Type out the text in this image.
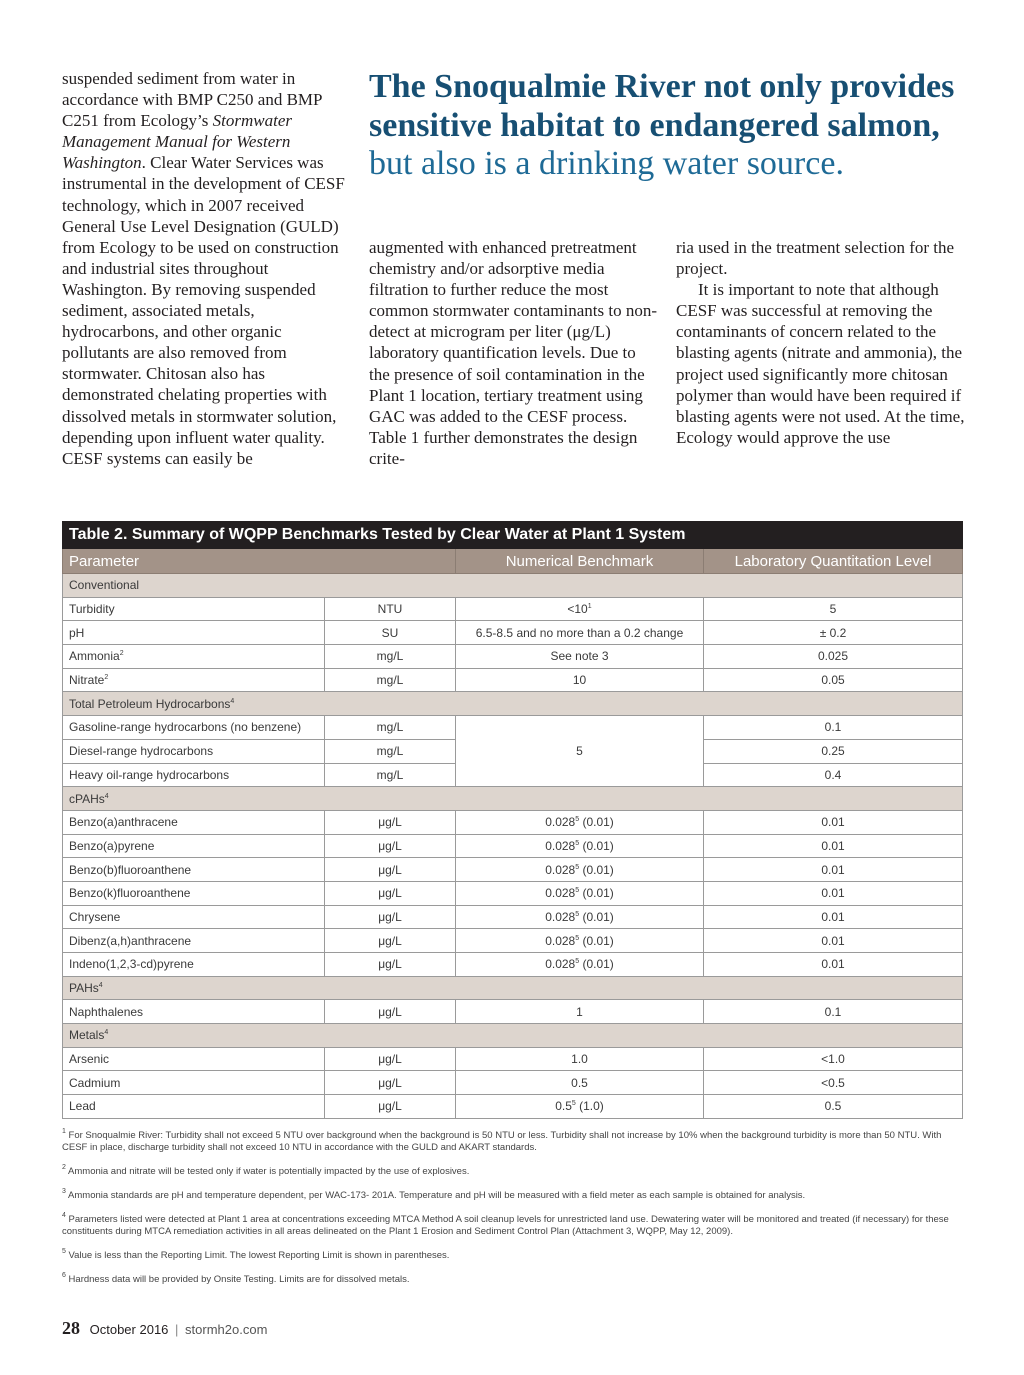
suspended sediment from water in accordance with BMP C250 and BMP C251 from Ecology’s Stormwater Management Manual for Western Washington. Clear Water Services was instrumental in the development of CESF technology, which in 2007 received General Use Level Designation (GULD) from Ecology to be used on construction and industrial sites throughout Washington. By removing suspended sediment, associated metals, hydrocarbons, and other organic pollutants are also removed from stormwater. Chitosan also has demonstrated chelating properties with dissolved metals in stormwater solution, depending upon influent water quality. CESF systems can easily be

The Snoqualmie River not only provides sensitive habitat to endangered salmon, but also is a drinking water source.

augmented with enhanced pretreatment chemistry and/or adsorptive media filtration to further reduce the most common stormwater contaminants to non-detect at microgram per liter (μg/L) laboratory quantification levels. Due to the presence of soil contamination in the Plant 1 location, tertiary treatment using GAC was added to the CESF process. Table 1 further demonstrates the design crite-

ria used in the treatment selection for the project.

It is important to note that although CESF was successful at removing the contaminants of concern related to the blasting agents (nitrate and ammonia), the project used significantly more chitosan polymer than would have been required if blasting agents were not used. At the time, Ecology would approve the use

Table 2. Summary of WQPP Benchmarks Tested by Clear Water at Plant 1 System			
Parameter		Numerical Benchmark	Laboratory Quantitation Level
Conventional			
Turbidity	NTU	$<10^1$	5
pH	SU	6.5-8.5 and no more than a 0.2 change	± 0.2
Ammonia$^2$	mg/L	See note 3	0.025
Nitrate$^2$	mg/L	10	0.05
Total Petroleum Hydrocarbons$^4$
Gasoline-range hydrocarbons (no benzene)	mg/L	5	0.1
Diesel-range hydrocarbons	mg/L		0.25
Heavy oil-range hydrocarbons	mg/L		0.4
cPAHs$^4$
Benzo(a)anthracene	μg/L	0.028$^5$ (0.01)	0.01
Benzo(a)pyrene	μg/L	0.028$^5$ (0.01)	0.01
Benzo(b)fluoroanthene	μg/L	0.028$^5$ (0.01)	0.01
Benzo(k)fluoroanthene	μg/L	0.028$^5$ (0.01)	0.01
Chrysene	μg/L	0.028$^5$ (0.01)	0.01
Dibenz(a,h)anthracene	μg/L	0.028$^5$ (0.01)	0.01
Indeno(1,2,3-cd)pyrene	μg/L	0.028$^5$ (0.01)	0.01
PAHs$^4$
Naphthalenes	μg/L	1	0.1
Metals$^4$
Arsenic	μg/L	1.0	<1.0
Cadmium	μg/L	0.5	<0.5
Lead	μg/L	$0.5^5$ (1.0)	0.5

$^1$ For Snoqualmie River: Turbidity shall not exceed 5 NTU over background when the background is 50 NTU or less. Turbidity shall not increase by 10% when the background turbidity is more than 50 NTU. With CESF in place, discharge turbidity shall not exceed 10 NTU in accordance with the GULD and AKART standards.

$^2$ Ammonia and nitrate will be tested only if water is potentially impacted by the use of explosives.

$^3$ Ammonia standards are pH and temperature dependent, per WAC-173- 201A. Temperature and pH will be measured with a field meter as each sample is obtained for analysis.

$^4$ Parameters listed were detected at Plant 1 area at concentrations exceeding MTCA Method A soil cleanup levels for unrestricted land use. Dewatering water will be monitored and treated (if necessary) for these constituents during MTCA remediation activities in all areas delineated on the Plant 1 Erosion and Sediment Control Plan (Attachment 3, WQPP, May 12, 2009).

$^5$ Value is less than the Reporting Limit. The lowest Reporting Limit is shown in parentheses.

$^6$ Hardness data will be provided by Onsite Testing. Limits are for dissolved metals.

28 October 2016 | stormh2o.com
